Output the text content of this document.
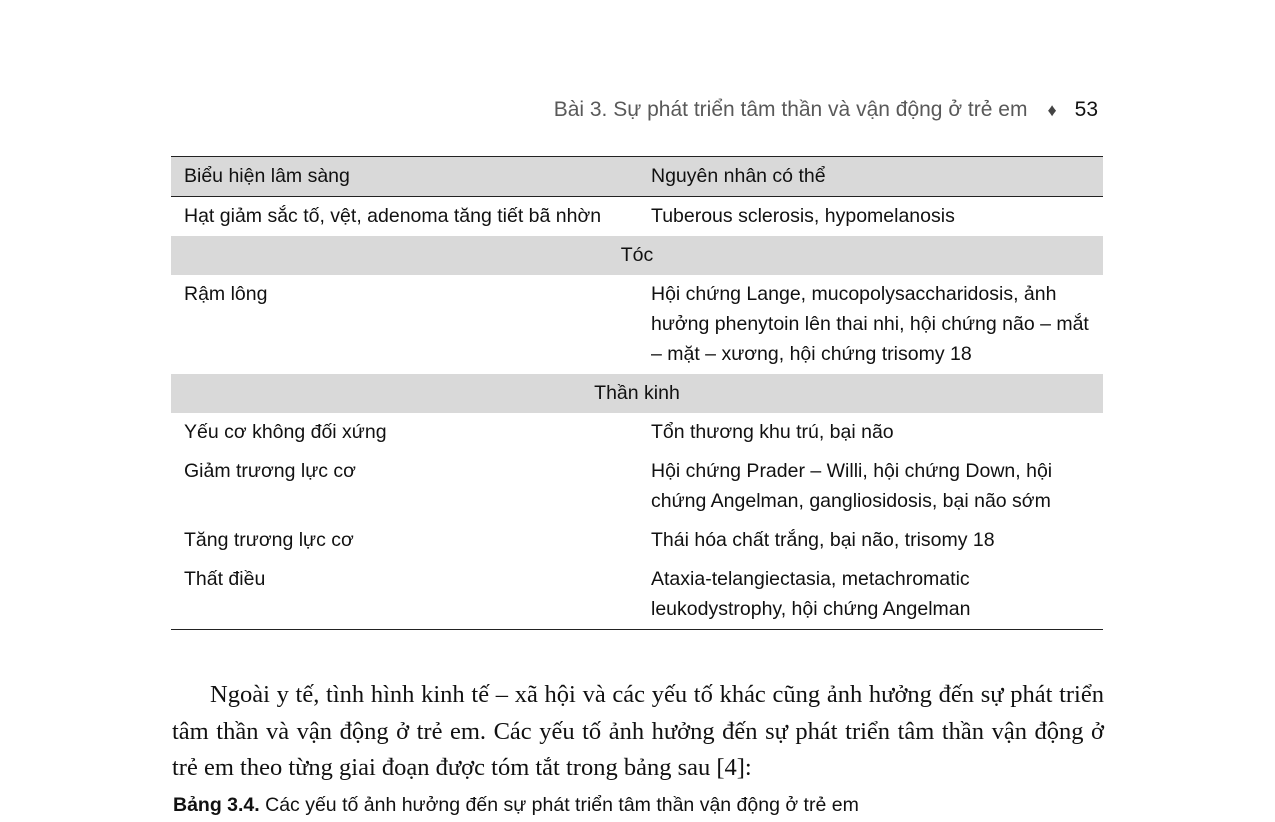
Bài 3. Sự phát triển tâm thần và vận động ở trẻ em ♦ 53
Biểu hiện lâm sàng	Nguyên nhân có thể
Hạt giảm sắc tố, vệt, adenoma tăng tiết bã nhờn	Tuberous sclerosis, hypomelanosis
Tóc	
Rậm lông	Hội chứng Lange, mucopolysaccharidosis, ảnh hưởng phenytoin lên thai nhi, hội chứng não – mắt – mặt – xương, hội chứng trisomy 18
Thần kinh	
Yếu cơ không đối xứng	Tổn thương khu trú, bại não
Giảm trương lực cơ	Hội chứng Prader – Willi, hội chứng Down, hội chứng Angelman, gangliosidosis, bại não sớm
Tăng trương lực cơ	Thái hóa chất trắng, bại não, trisomy 18
Thất điều	Ataxia-telangiectasia, metachromatic leukodystrophy, hội chứng Angelman

Ngoài y tế, tình hình kinh tế – xã hội và các yếu tố khác cũng ảnh hưởng đến sự phát triển tâm thần và vận động ở trẻ em. Các yếu tố ảnh hưởng đến sự phát triển tâm thần vận động ở trẻ em theo từng giai đoạn được tóm tắt trong bảng sau [4]:

Bảng 3.4. Các yếu tố ảnh hưởng đến sự phát triển tâm thần vận động ở trẻ em
